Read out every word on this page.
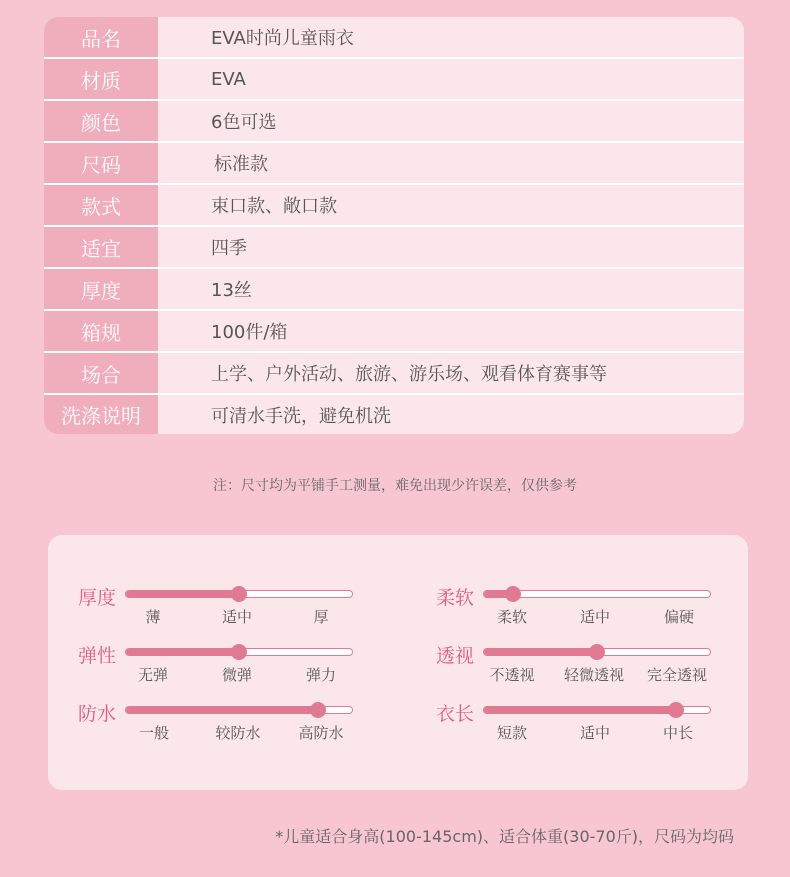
品名	EVA时尚儿童雨衣
材质	EVA
颜色	6色可选
尺码	标准款
款式	束口款、敞口款
适宜	四季
厚度	13丝
箱规	100件/箱
场合	上学、户外活动、旅游、游乐场、观看体育赛事等
洗涤说明	可清水手洗，避免机洗
注：尺寸均为平铺手工测量，难免出现少许误差，仅供参考
厚度
薄	适中	厚
柔软
柔软	适中	偏硬
弹性
无弹	微弹	弹力
透视
不透视 轻微透视 完全透视
防水
一般	较防水	高防水
衣长
短款	适中	中长
*儿童适合身高(100-145cm)、适合体重(30-70斤)，尺码为均码
